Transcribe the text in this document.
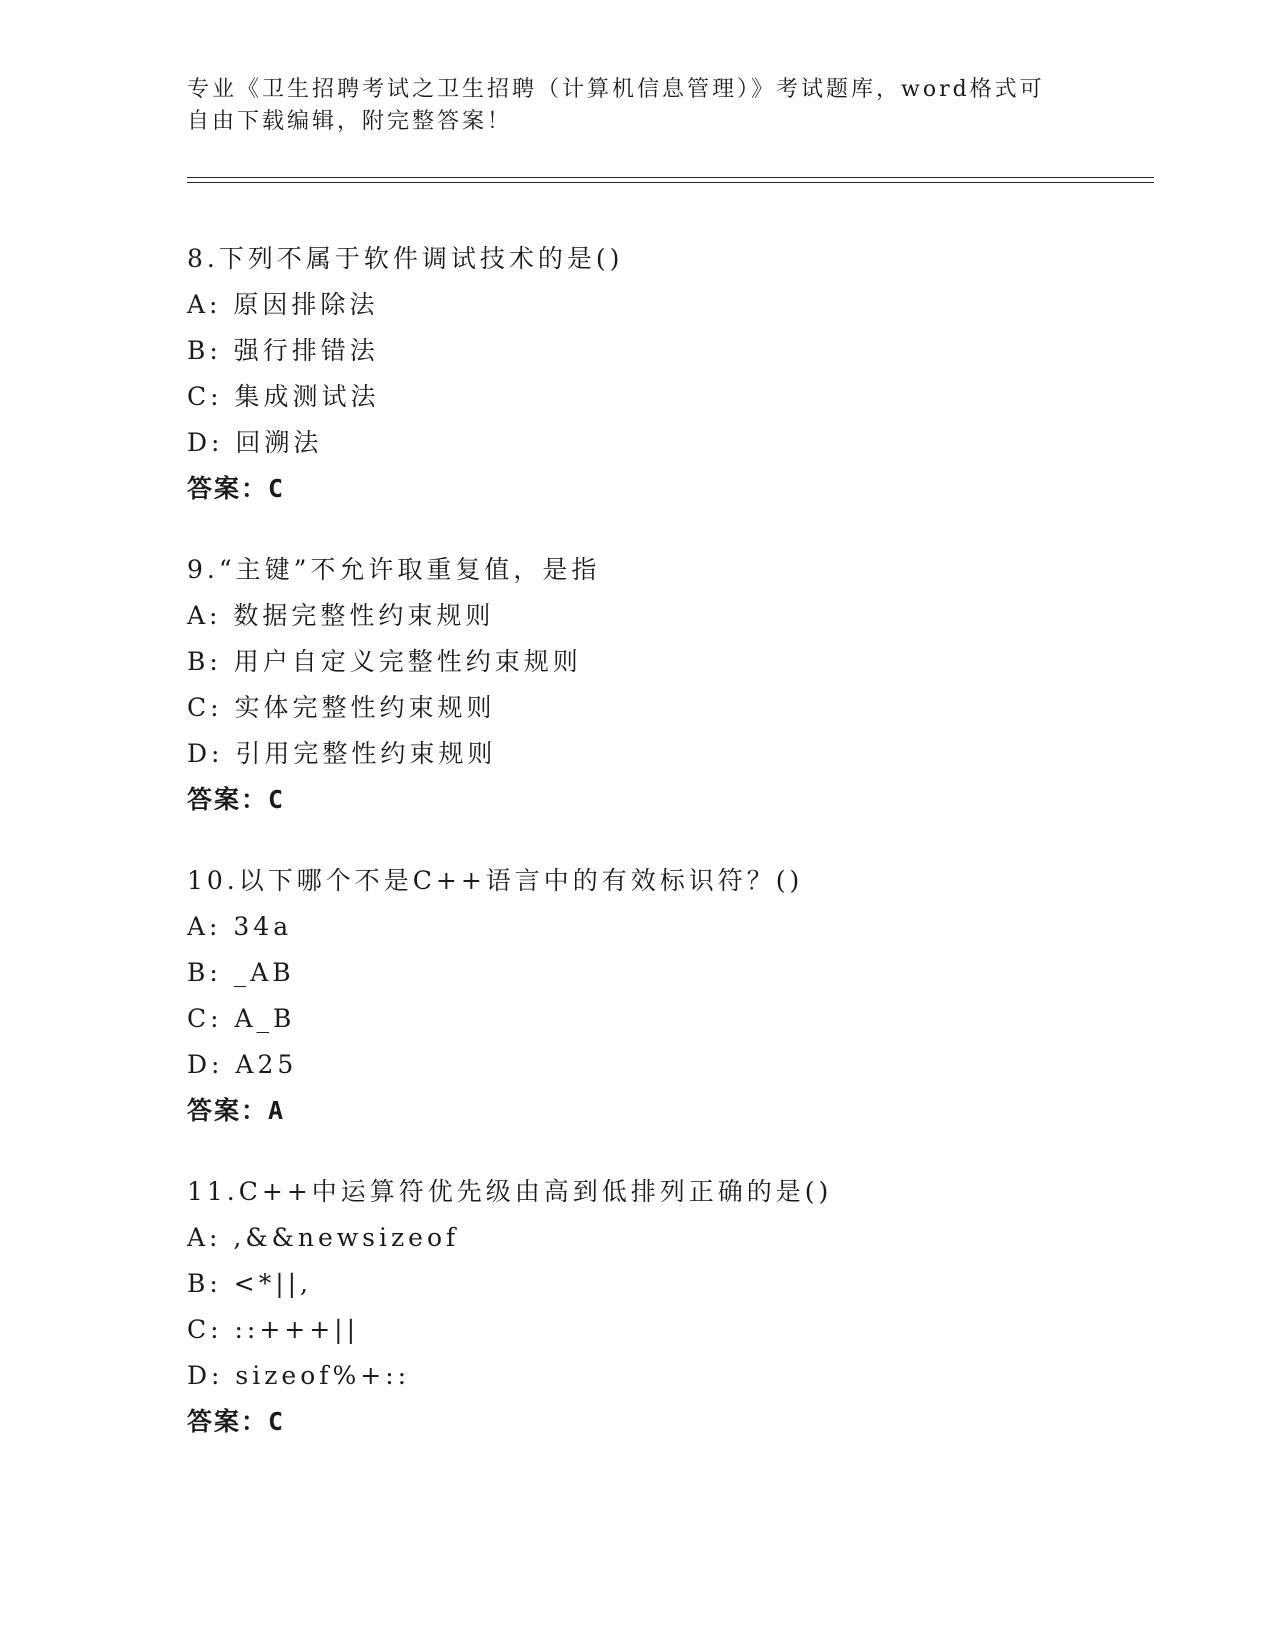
专业《卫生招聘考试之卫生招聘（计算机信息管理）》考试题库，word格式可自由下载编辑，附完整答案！
8.下列不属于软件调试技术的是()
A: 原因排除法
B: 强行排错法
C: 集成测试法
D: 回溯法
答案：C
9.“主键”不允许取重复值，是指
A: 数据完整性约束规则
B: 用户自定义完整性约束规则
C: 实体完整性约束规则
D: 引用完整性约束规则
答案：C
10.以下哪个不是C++语言中的有效标识符？()
A: 34a
B: _AB
C: A_B
D: A25
答案：A
11.C++中运算符优先级由高到低排列正确的是()
A: ,&&newsizeof
B: <*||,
C: ::+++||
D: sizeof%+::
答案：C
